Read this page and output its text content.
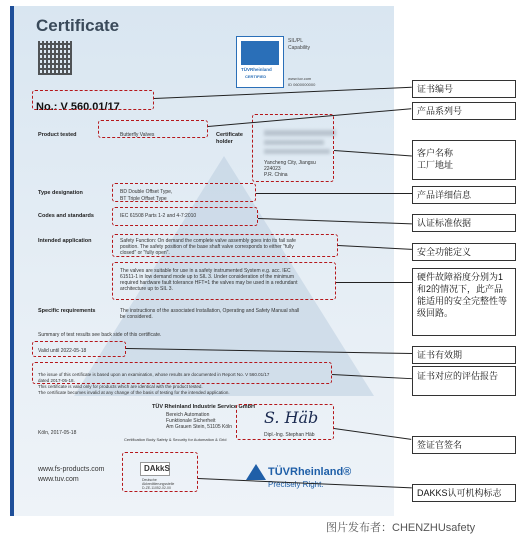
Certificate
TÜVRheinland
CERTIFIED
SIL/PL
Capability
www.tuv.com
ID 0600000000
No.: V 560.01/17
Product tested	Butterfly Valves	Certificate holder
Yancheng City, Jiangsu
224023
P.R. China
Type designation	BD Double Offset Type,
BT Triple Offset Type
Codes and standards	IEC 61508 Parts 1-2 and 4-7:2010
Intended application	Safety Function: On demand the complete valve assembly goes into its fail safe
position. The safety position of the base shaft valve corresponds to either "fully
closed" or "fully open".
The valves are suitable for use in a safety instrumented System e.g. acc. IEC
61511-1 in low demand mode up to SIL 3. Under consideration of the minimum
required hardware fault tolerance HFT=1 the valves may be used in a redundant
architecture up to SIL 3.
Specific requirements	The instructions of the associated Installation, Operating and Safety Manual shall
be considered.
Summary of test results see back side of this certificate.
Valid until 2022-05-18
The issue of this certificate is based upon an examination, whose results are documented in Report No. V 560.01/17
dated 2017-05-18.
This certificate is valid only for products which are identical with the product tested.
The certificate becomes invalid at any change of the basis of testing for the intended application.
TÜV Rheinland Industrie Service GmbH
Bereich Automation
Funktionale Sicherheit
Am Grauen Stein, 51105 Köln
Köln, 2017-05-18
Certification Body Safety & Security for Automation & Grid
S. Häb
Dipl.-Ing. Stephan Häb
www.fs-products.com
www.tuv.com
DAkkS
Deutsche
Akkreditierungsstelle
D-ZE-11052-02-00
TÜVRheinland®
Precisely Right.
证书编号
产品系列号
客户名称
工厂地址
产品详细信息
认证标准依据
安全功能定义
硬件故障裕度分别为1和2的情况下，此产品能适用的安全完整性等级回路。
证书有效期
证书对应的评估报告
签证官签名
DAKKS认可机构标志
图片发布者：CHENZHUsafety
